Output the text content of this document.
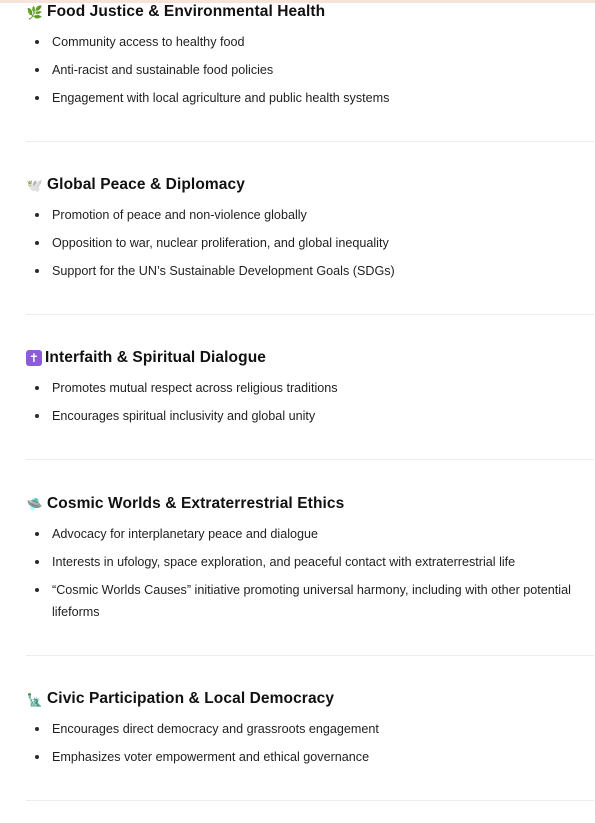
🌿 Food Justice & Environmental Health
Community access to healthy food
Anti-racist and sustainable food policies
Engagement with local agriculture and public health systems
🕊️ Global Peace & Diplomacy
Promotion of peace and non-violence globally
Opposition to war, nuclear proliferation, and global inequality
Support for the UN’s Sustainable Development Goals (SDGs)
✝ Interfaith & Spiritual Dialogue
Promotes mutual respect across religious traditions
Encourages spiritual inclusivity and global unity
🛸 Cosmic Worlds & Extraterrestrial Ethics
Advocacy for interplanetary peace and dialogue
Interests in ufology, space exploration, and peaceful contact with extraterrestrial life
“Cosmic Worlds Causes” initiative promoting universal harmony, including with other potential lifeforms
🗽 Civic Participation & Local Democracy
Encourages direct democracy and grassroots engagement
Emphasizes voter empowerment and ethical governance
